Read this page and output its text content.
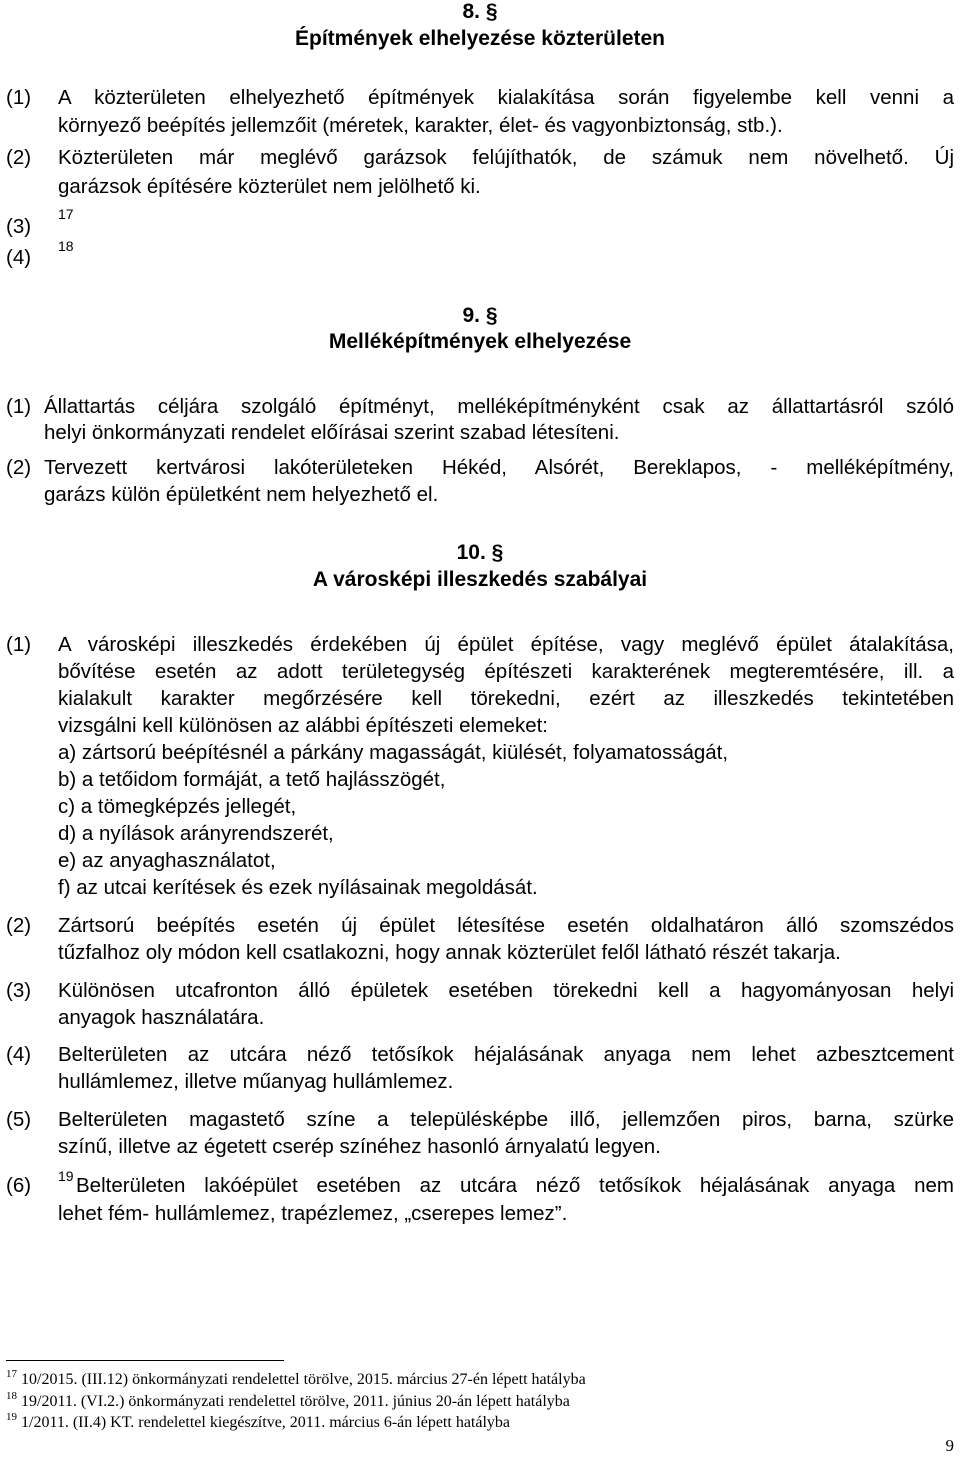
8. §
Építmények elhelyezése közterületen
(1) A közterületen elhelyezhető építmények kialakítása során figyelembe kell venni a
környező beépítés jellemzőit (méretek, karakter, élet- és vagyonbiztonság, stb.).
(2) Közterületen már meglévő garázsok felújíthatók, de számuk nem növelhető. Új
garázsok építésére közterület nem jelölhető ki.
(3)
17
(4) 18
9. §
Melléképítmények elhelyezése
(1) Állattartás céljára szolgáló építményt, melléképítményként csak az állattartásról szóló
helyi önkormányzati rendelet előírásai szerint szabad létesíteni.
(2) Tervezett kertvárosi lakóterületeken Hékéd, Alsórét, Bereklapos, - melléképítmény,
garázs külön épületként nem helyezhető el.
10. §
A városképi illeszkedés szabályai
(1) A városképi illeszkedés érdekében új épület építése, vagy meglévő épület átalakítása,
bővítése esetén az adott területegység építészeti karakterének megteremtésére, ill. a
kialakult karakter megőrzésére kell törekedni, ezért az illeszkedés tekintetében
vizsgálni kell különösen az alábbi építészeti elemeket:
a) zártsorú beépítésnél a párkány magasságát, kiülését, folyamatosságát,
b) a tetőidom formáját, a tető hajlásszögét,
c) a tömegképzés jellegét,
d) a nyílások arányrendszerét,
e) az anyaghasználatot,
f) az utcai kerítések és ezek nyílásainak megoldását.
(2) Zártsorú beépítés esetén új épület létesítése esetén oldalhatáron álló szomszédos
tűzfalhoz oly módon kell csatlakozni, hogy annak közterület felől látható részét takarja.
(3) Különösen utcafronton álló épületek esetében törekedni kell a hagyományosan helyi
anyagok használatára.
(4) Belterületen az utcára néző tetősíkok héjalásának anyaga nem lehet azbesztcement
hullámlemez, illetve műanyag hullámlemez.
(5) Belterületen magastető színe a településképbe illő, jellemzően piros, barna, szürke
színű, illetve az égetett cserép színéhez hasonló árnyalatú legyen.
(6) 19 Belterületen lakóépület esetében az utcára néző tetősíkok héjalásának anyaga nem
lehet fém- hullámlemez, trapézlemez, „cserepes lemez”.
$^{17}$ 10/2015. (III.12) önkormányzati rendelettel törölve, 2015. március 27-én lépett hatályba
$^{18}$ 19/2011. (VI.2.) önkormányzati rendelettel törölve, 2011. június 20-án lépett hatályba
$^{19}$ 1/2011. (II.4) KT. rendelettel kiegészítve, 2011. március 6-án lépett hatályba
9
